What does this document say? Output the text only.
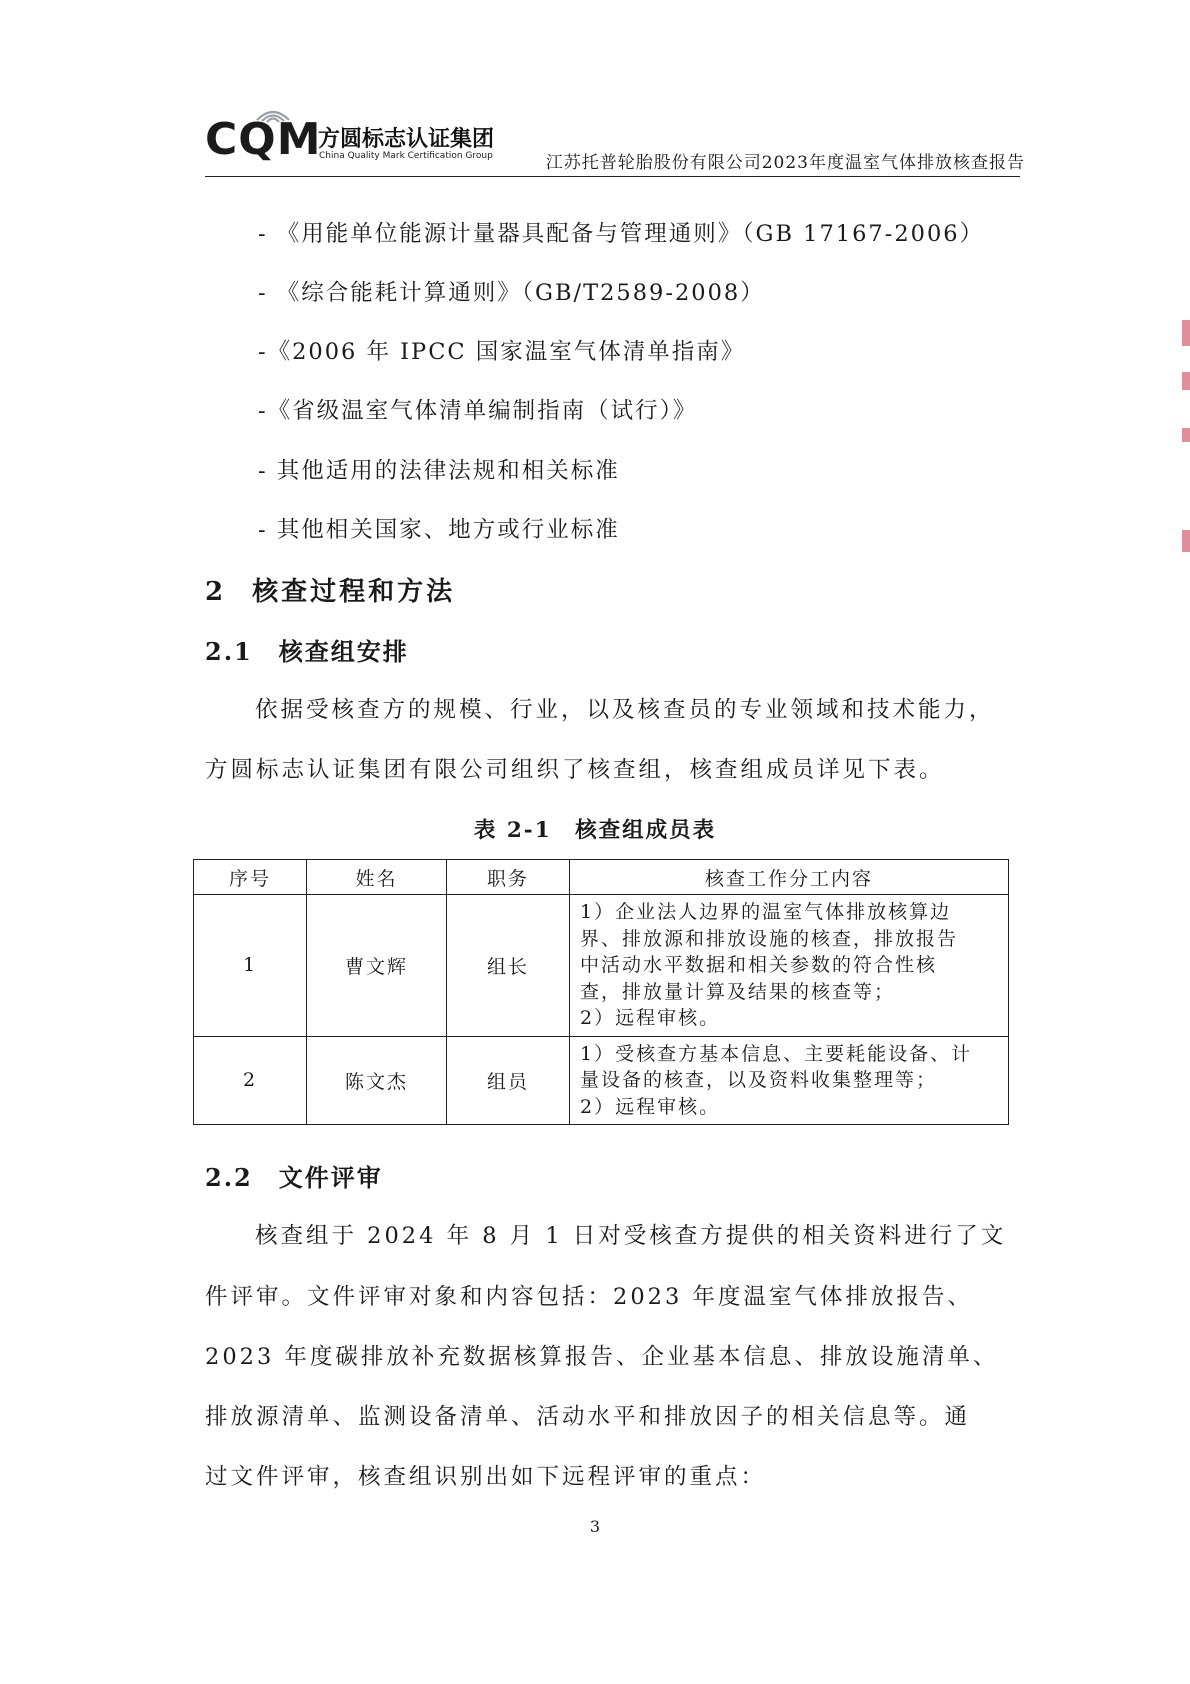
CQM
方圆标志认证集团
China Quality Mark Certification Group	江苏托普轮胎股份有限公司2023年度温室气体排放核查报告
- 《用能单位能源计量器具配备与管理通则》（GB 17167-2006）
- 《综合能耗计算通则》（GB/T2589-2008）
-《2006 年 IPCC 国家温室气体清单指南》
-《省级温室气体清单编制指南（试行）》
- 其他适用的法律法规和相关标准
- 其他相关国家、地方或行业标准
2 核查过程和方法
2.1 核查组安排
依据受核查方的规模、行业，以及核查员的专业领域和技术能力，
方圆标志认证集团有限公司组织了核查组，核查组成员详见下表。
表 2-1　核查组成员表
序号	姓名	职务	核查工作分工内容
1	曹文辉	组长	1）企业法人边界的温室气体排放核算边
界、排放源和排放设施的核查，排放报告
中活动水平数据和相关参数的符合性核
查，排放量计算及结果的核查等；
2）远程审核。

2	陈文杰	组员	1）受核查方基本信息、主要耗能设备、计
量设备的核查，以及资料收集整理等；
2）远程审核。
2.2 文件评审
核查组于 2024 年 8 月 1 日对受核查方提供的相关资料进行了文
件评审。文件评审对象和内容包括：2023 年度温室气体排放报告、
2023 年度碳排放补充数据核算报告、企业基本信息、排放设施清单、
排放源清单、监测设备清单、活动水平和排放因子的相关信息等。通
过文件评审，核查组识别出如下远程评审的重点：
3
